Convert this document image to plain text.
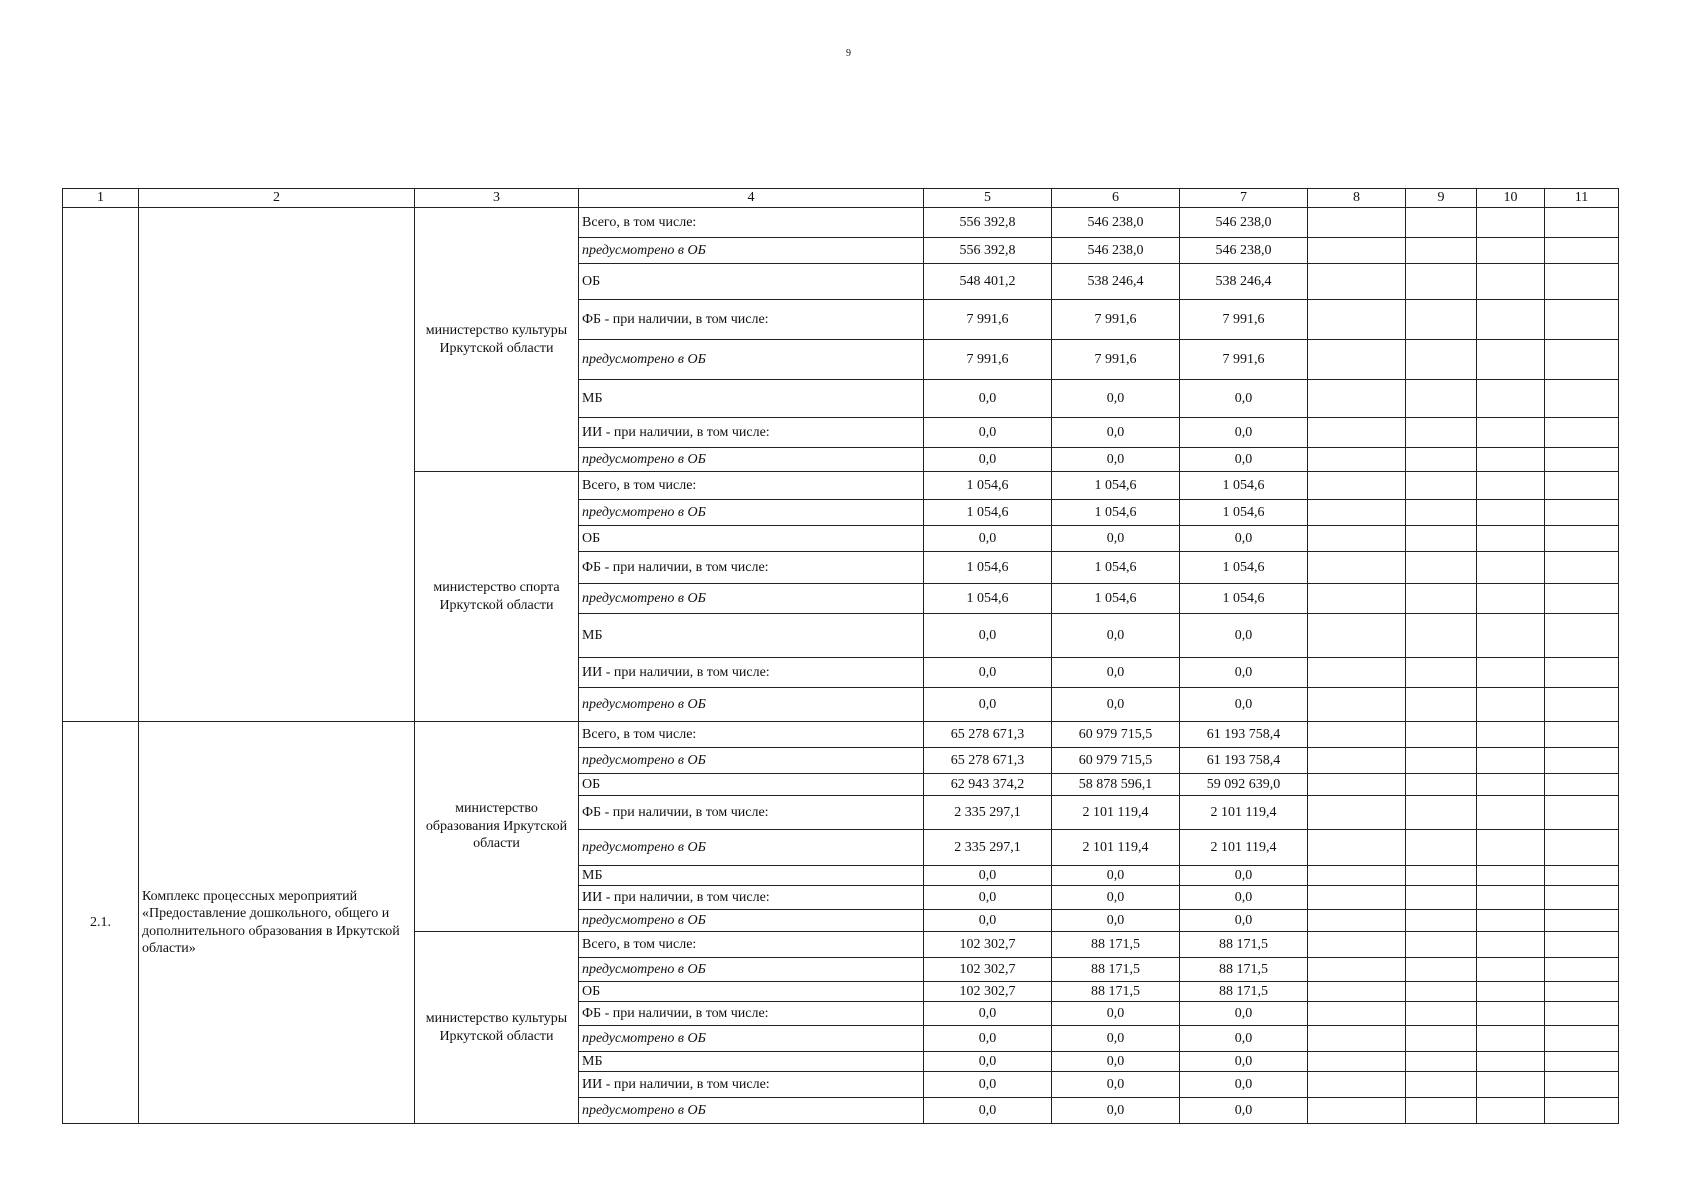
9
1	2	3	4	5	6	7	8	9	10	11
		министерство культуры Иркутской области	Всего, в том числе:	556 392,8	546 238,0	546 238,0				
			предусмотрено в ОБ	556 392,8	546 238,0	546 238,0				
			ОБ	548 401,2	538 246,4	538 246,4				
			ФБ - при наличии, в том числе:	7 991,6	7 991,6	7 991,6				
			предусмотрено в ОБ	7 991,6	7 991,6	7 991,6				
			МБ	0,0	0,0	0,0				
			ИИ - при наличии, в том числе:	0,0	0,0	0,0				
			предусмотрено в ОБ	0,0	0,0	0,0				
		министерство спорта Иркутской области	Всего, в том числе:	1 054,6	1 054,6	1 054,6				
			предусмотрено в ОБ	1 054,6	1 054,6	1 054,6				
			ОБ	0,0	0,0	0,0				
			ФБ - при наличии, в том числе:	1 054,6	1 054,6	1 054,6				
			предусмотрено в ОБ	1 054,6	1 054,6	1 054,6				
			МБ	0,0	0,0	0,0				
			ИИ - при наличии, в том числе:	0,0	0,0	0,0				
			предусмотрено в ОБ	0,0	0,0	0,0				
2.1.	Комплекс процессных мероприятий «Предоставление дошкольного, общего и дополнительного образования в Иркутской области»	министерство образования Иркутской области	Всего, в том числе:	65 278 671,3	60 979 715,5	61 193 758,4				
			предусмотрено в ОБ	65 278 671,3	60 979 715,5	61 193 758,4				
			ОБ	62 943 374,2	58 878 596,1	59 092 639,0				
			ФБ - при наличии, в том числе:	2 335 297,1	2 101 119,4	2 101 119,4				
			предусмотрено в ОБ	2 335 297,1	2 101 119,4	2 101 119,4				
			МБ	0,0	0,0	0,0				
			ИИ - при наличии, в том числе:	0,0	0,0	0,0				
			предусмотрено в ОБ	0,0	0,0	0,0				
		министерство культуры Иркутской области	Всего, в том числе:	102 302,7	88 171,5	88 171,5				
			предусмотрено в ОБ	102 302,7	88 171,5	88 171,5				
			ОБ	102 302,7	88 171,5	88 171,5				
			ФБ - при наличии, в том числе:	0,0	0,0	0,0				
			предусмотрено в ОБ	0,0	0,0	0,0				
			МБ	0,0	0,0	0,0				
			ИИ - при наличии, в том числе:	0,0	0,0	0,0				
			предусмотрено в ОБ	0,0	0,0	0,0				
